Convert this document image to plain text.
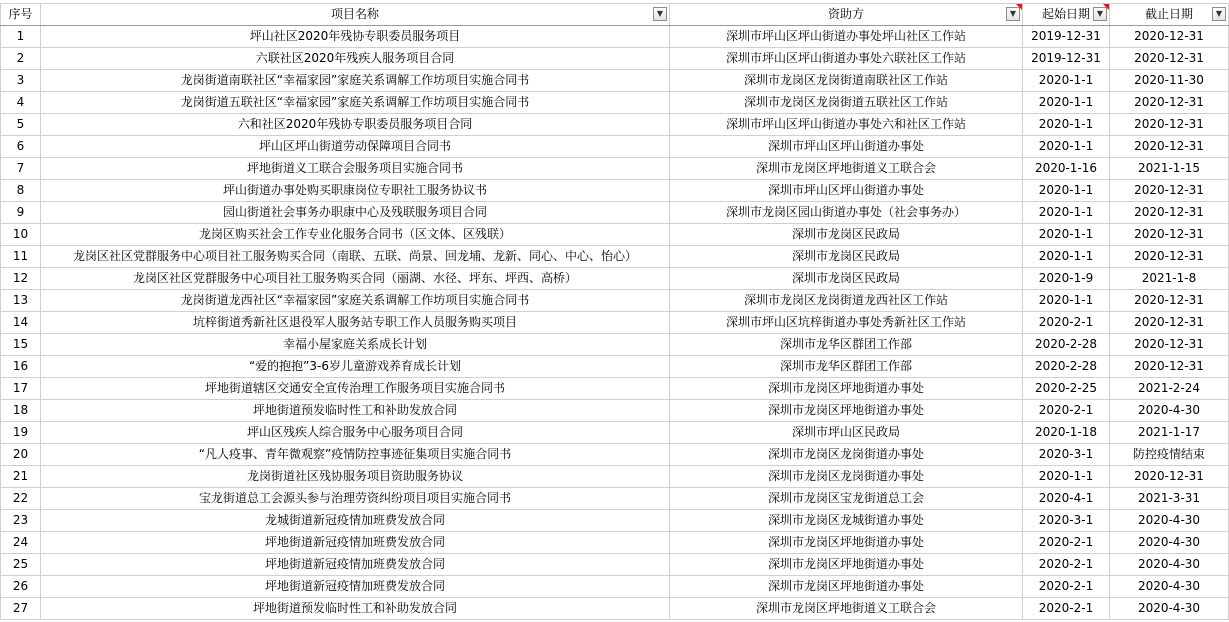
序号	项目名称 ▼	资助方 ▼	起始日期 ▼	截止日期 ▼

1	坪山社区2020年残协专职委员服务项目	深圳市坪山区坪山街道办事处坪山社区工作站	2019-12-31	2020-12-31
2	六联社区2020年残疾人服务项目合同	深圳市坪山区坪山街道办事处六联社区工作站	2019-12-31	2020-12-31
3	龙岗街道南联社区“幸福家园”家庭关系调解工作坊项目实施合同书	深圳市龙岗区龙岗街道南联社区工作站	2020-1-1	2020-11-30
4	龙岗街道五联社区“幸福家园”家庭关系调解工作坊项目实施合同书	深圳市龙岗区龙岗街道五联社区工作站	2020-1-1	2020-12-31
5	六和社区2020年残协专职委员服务项目合同	深圳市坪山区坪山街道办事处六和社区工作站	2020-1-1	2020-12-31
6	坪山区坪山街道劳动保障项目合同书	深圳市坪山区坪山街道办事处	2020-1-1	2020-12-31
7	坪地街道义工联合会服务项目实施合同书	深圳市龙岗区坪地街道义工联合会	2020-1-16	2021-1-15
8	坪山街道办事处购买职康岗位专职社工服务协议书	深圳市坪山区坪山街道办事处	2020-1-1	2020-12-31
9	园山街道社会事务办职康中心及残联服务项目合同	深圳市龙岗区园山街道办事处（社会事务办）	2020-1-1	2020-12-31
10	龙岗区购买社会工作专业化服务合同书（区文体、区残联）	深圳市龙岗区民政局	2020-1-1	2020-12-31
11	龙岗区社区党群服务中心项目社工服务购买合同（南联、五联、尚景、回龙埔、龙新、同心、中心、怡心）	深圳市龙岗区民政局	2020-1-1	2020-12-31
12	龙岗区社区党群服务中心项目社工服务购买合同（丽湖、水径、坪东、坪西、高桥）	深圳市龙岗区民政局	2020-1-9	2021-1-8
13	龙岗街道龙西社区“幸福家园”家庭关系调解工作坊项目实施合同书	深圳市龙岗区龙岗街道龙西社区工作站	2020-1-1	2020-12-31
14	坑梓街道秀新社区退役军人服务站专职工作人员服务购买项目	深圳市坪山区坑梓街道办事处秀新社区工作站	2020-2-1	2020-12-31
15	幸福小屋家庭关系成长计划	深圳市龙华区群团工作部	2020-2-28	2020-12-31
16	“爱的抱抱”3-6岁儿童游戏养育成长计划	深圳市龙华区群团工作部	2020-2-28	2020-12-31
17	坪地街道辖区交通安全宣传治理工作服务项目实施合同书	深圳市龙岗区坪地街道办事处	2020-2-25	2021-2-24
18	坪地街道预发临时性工和补助发放合同	深圳市龙岗区坪地街道办事处	2020-2-1	2020-4-30
19	坪山区残疾人综合服务中心服务项目合同	深圳市坪山区民政局	2020-1-18	2021-1-17
20	“凡人疫事、青年微观察”疫情防控事迹征集项目实施合同书	深圳市龙岗区龙岗街道办事处	2020-3-1	防控疫情结束
21	龙岗街道社区残协服务项目资助服务协议	深圳市龙岗区龙岗街道办事处	2020-1-1	2020-12-31
22	宝龙街道总工会源头参与治理劳资纠纷项目项目实施合同书	深圳市龙岗区宝龙街道总工会	2020-4-1	2021-3-31
23	龙城街道新冠疫情加班费发放合同	深圳市龙岗区龙城街道办事处	2020-3-1	2020-4-30
24	坪地街道新冠疫情加班费发放合同	深圳市龙岗区坪地街道办事处	2020-2-1	2020-4-30
25	坪地街道新冠疫情加班费发放合同	深圳市龙岗区坪地街道办事处	2020-2-1	2020-4-30
26	坪地街道新冠疫情加班费发放合同	深圳市龙岗区坪地街道办事处	2020-2-1	2020-4-30
27	坪地街道预发临时性工和补助发放合同	深圳市龙岗区坪地街道义工联合会	2020-2-1	2020-4-30
